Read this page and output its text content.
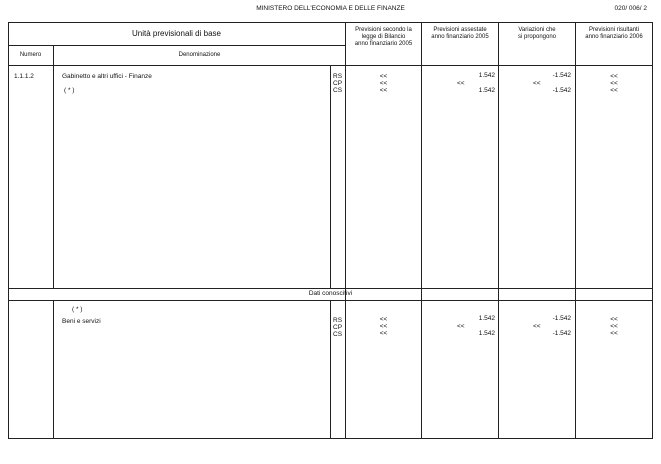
MINISTERO DELL'ECONOMIA E DELLE FINANZE	020/ 006/ 2
Unità previsionali di base
Numero	Denominazione
Previsioni secondo la
legge di Bilancio
anno finanziario 2005
Previsioni assestate
anno finanziario 2005
Variazioni che
si propongono
Previsioni risultanti
anno finanziario 2006
1.1.1.2	Gabinetto e altri uffici - Finanze
( * )
RS	<<	1.542	-1.542	<<
CP	<<	<<	<<	<<
CS	<<	1.542	-1.542	<<
Dati conoscitivi
( * )
Beni e servizi	RS	<<	1.542	-1.542	<<
CP	<<	<<	<<	<<
CS	<<	1.542	-1.542	<<
